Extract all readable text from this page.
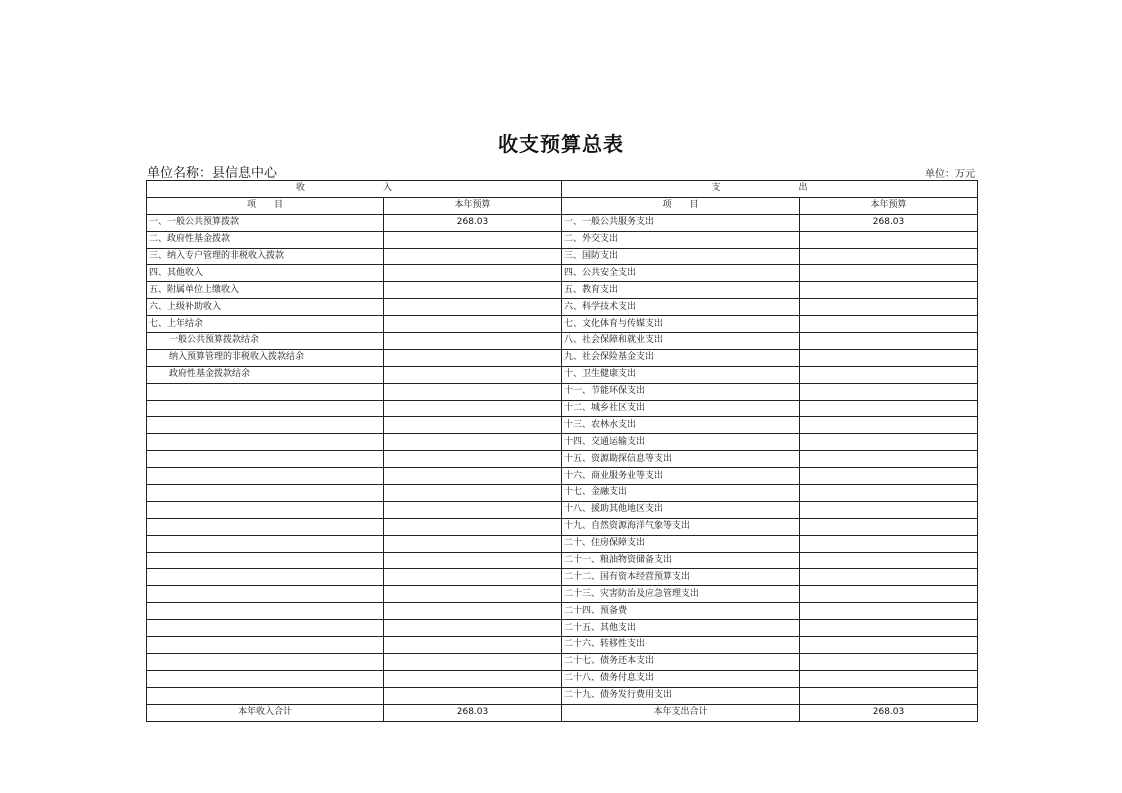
收支预算总表
单位名称：县信息中心	单位：万元
收　　入		支　　出	
项　　目	本年预算	项　　目	本年预算
一、一般公共预算拨款	268.03	一、一般公共服务支出	268.03
二、政府性基金拨款		二、外交支出	
三、纳入专户管理的非税收入拨款		三、国防支出	
四、其他收入		四、公共安全支出	
五、附属单位上缴收入		五、教育支出	
六、上级补助收入		六、科学技术支出	
七、上年结余		七、文化体育与传媒支出	
一般公共预算拨款结余		八、社会保障和就业支出	
纳入预算管理的非税收入拨款结余		九、社会保险基金支出	
政府性基金拨款结余		十、卫生健康支出	
		十一、节能环保支出	
		十二、城乡社区支出	
		十三、农林水支出	
		十四、交通运输支出	
		十五、资源勘探信息等支出	
		十六、商业服务业等支出	
		十七、金融支出	
		十八、援助其他地区支出	
		十九、自然资源海洋气象等支出	
		二十、住房保障支出	
		二十一、粮油物资储备支出	
		二十二、国有资本经营预算支出	
		二十三、灾害防治及应急管理支出	
		二十四、预备费	
		二十五、其他支出	
		二十六、转移性支出	
		二十七、债务还本支出	
		二十八、债务付息支出	
		二十九、债务发行费用支出	
本年收入合计	268.03	本年支出合计	268.03
